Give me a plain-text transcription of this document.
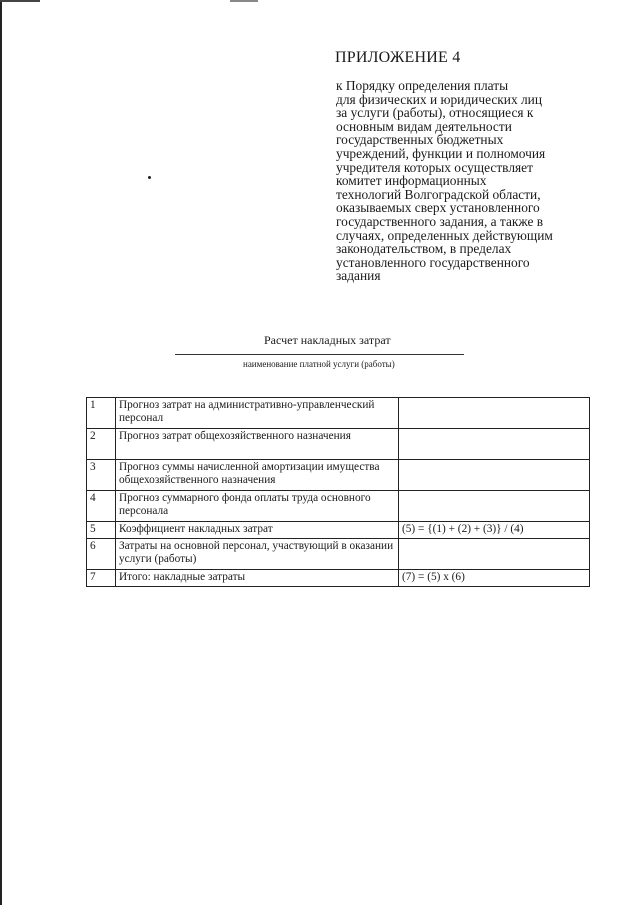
ПРИЛОЖЕНИЕ 4
к Порядку определения платы
для физических и юридических лиц
за услуги (работы), относящиеся к
основным видам деятельности
государственных бюджетных
учреждений, функции и полномочия
учредителя которых осуществляет
комитет информационных
технологий Волгоградской области,
оказываемых сверх установленного
государственного задания, а также в
случаях, определенных действующим
законодательством, в пределах
установленного государственного
задания
Расчет накладных затрат
наименование платной услуги (работы)
1	Прогноз затрат на административно-управленческий персонал	
2	Прогноз затрат общехозяйственного назначения	
3	Прогноз суммы начисленной амортизации имущества общехозяйственного назначения	
4	Прогноз суммарного фонда оплаты труда основного персонала	
5	Коэффициент накладных затрат	(5) = {(1) + (2) + (3)} / (4)
6	Затраты на основной персонал, участвующий в оказании услуги (работы)	
7	Итого: накладные затраты	(7) = (5) х (6)
